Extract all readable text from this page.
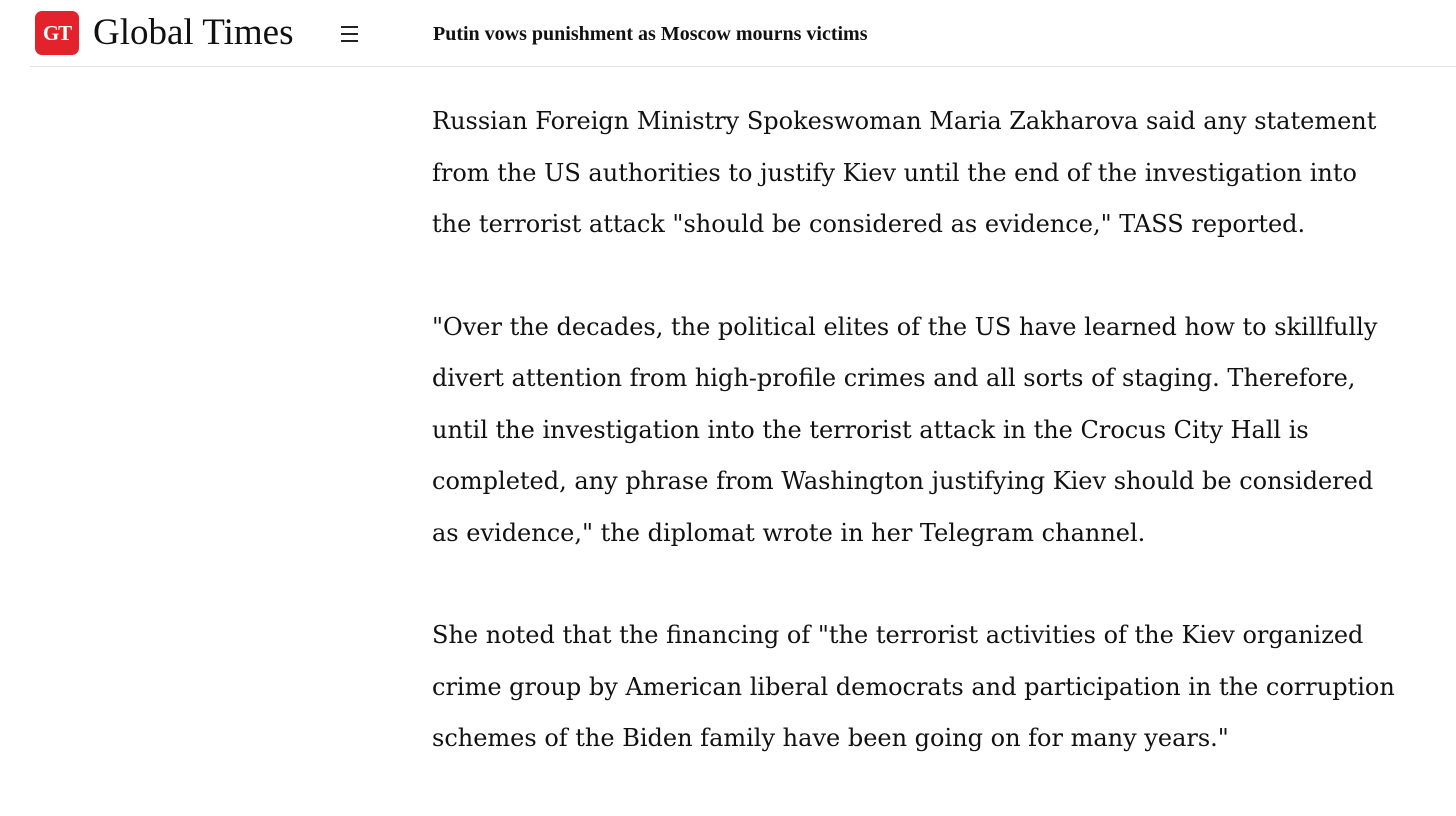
GT Global Times	Putin vows punishment as Moscow mourns victims

Russian Foreign Ministry Spokeswoman Maria Zakharova said any statement
from the US authorities to justify Kiev until the end of the investigation into
the terrorist attack "should be considered as evidence," TASS reported.

"Over the decades, the political elites of the US have learned how to skillfully
divert attention from high-profile crimes and all sorts of staging. Therefore,
until the investigation into the terrorist attack in the Crocus City Hall is
completed, any phrase from Washington justifying Kiev should be considered
as evidence," the diplomat wrote in her Telegram channel.

She noted that the financing of "the terrorist activities of the Kiev organized
crime group by American liberal democrats and participation in the corruption
schemes of the Biden family have been going on for many years."
